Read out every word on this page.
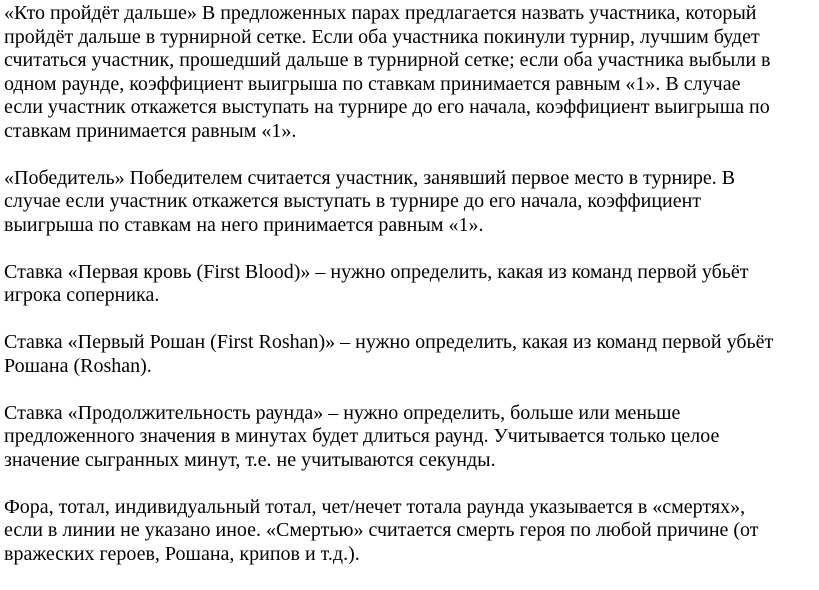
«Кто пройдёт дальше» В предложенных парах предлагается назвать участника, который
пройдёт дальше в турнирной сетке. Если оба участника покинули турнир, лучшим будет
считаться участник, прошедший дальше в турнирной сетке; если оба участника выбыли в
одном раунде, коэффициент выигрыша по ставкам принимается равным «1». В случае
если участник откажется выступать на турнире до его начала, коэффициент выигрыша по
ставкам принимается равным «1».

«Победитель» Победителем считается участник, занявший первое место в турнире. В
случае если участник откажется выступать в турнире до его начала, коэффициент
выигрыша по ставкам на него принимается равным «1».

Ставка «Первая кровь (First Blood)» – нужно определить, какая из команд первой убьёт
игрока соперника.

Ставка «Первый Рошан (First Roshan)» – нужно определить, какая из команд первой убьёт
Рошана (Roshan).

Ставка «Продолжительность раунда» – нужно определить, больше или меньше
предложенного значения в минутах будет длиться раунд. Учитывается только целое
значение сыгранных минут, т.е. не учитываются секунды.

Фора, тотал, индивидуальный тотал, чет/нечет тотала раунда указывается в «смертях»,
если в линии не указано иное. «Смертью» считается смерть героя по любой причине (от
вражеских героев, Рошана, крипов и т.д.).
